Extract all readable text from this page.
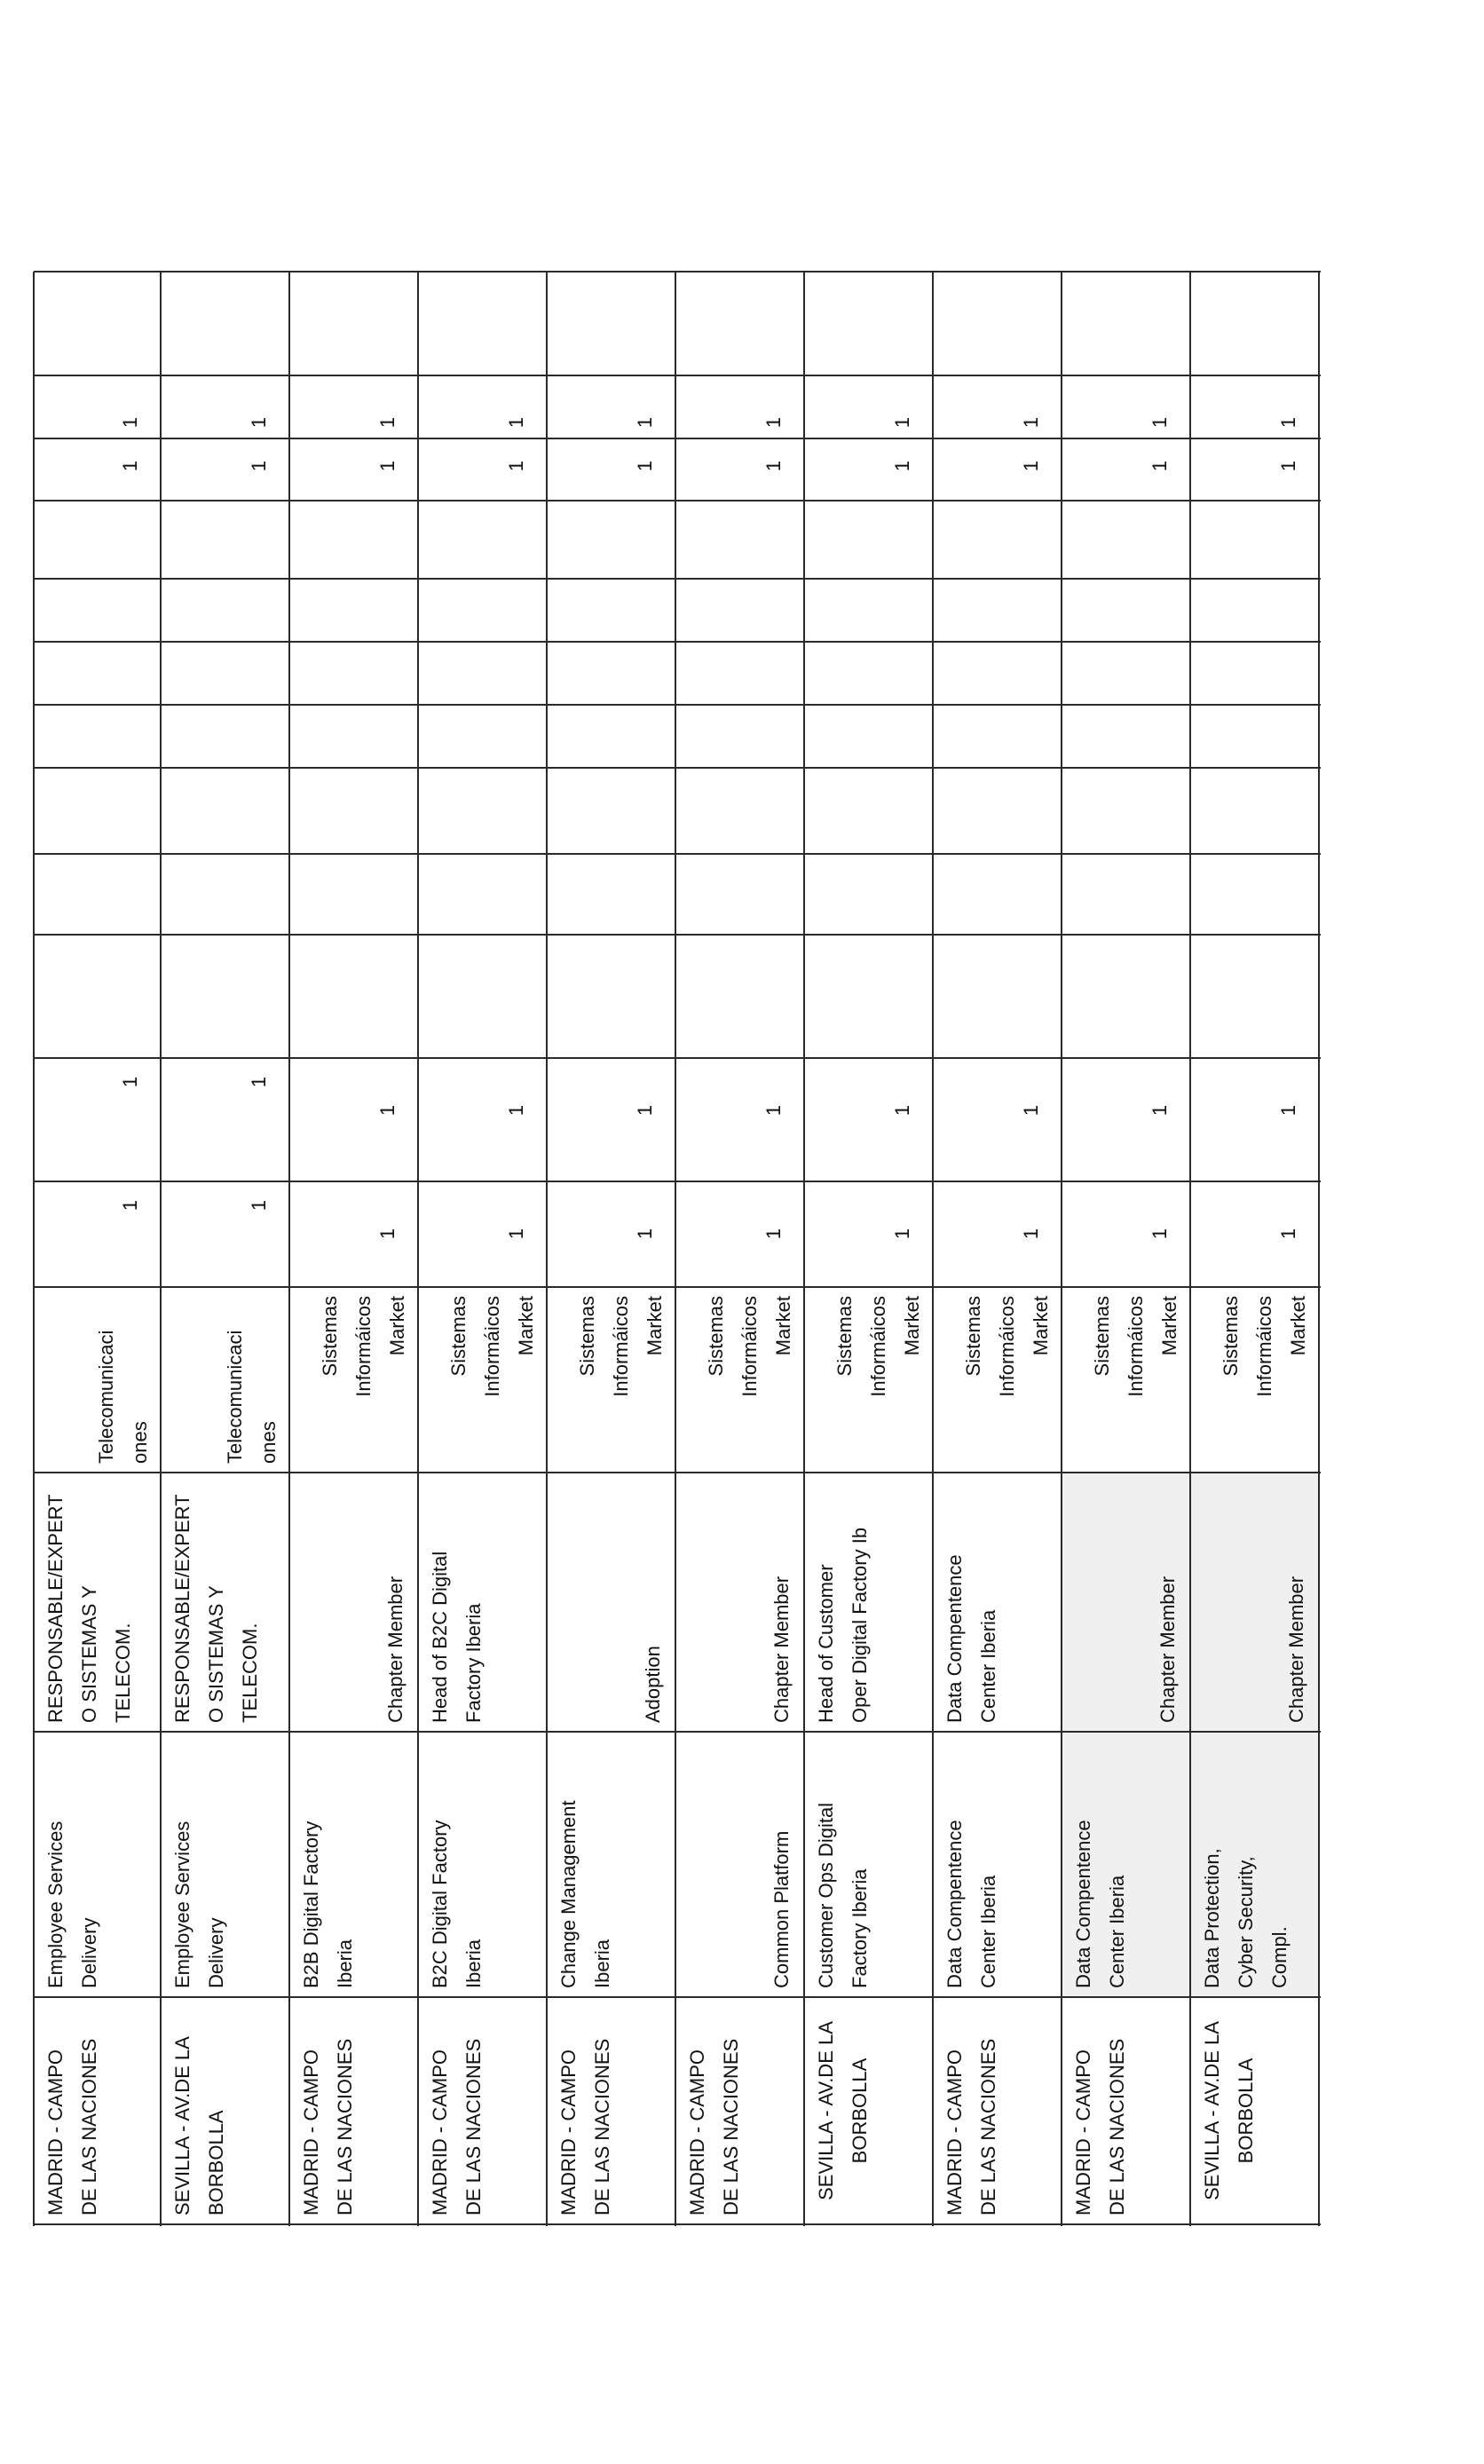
MADRID - CAMPO
DE LAS NACIONES
Employee Services
Delivery
RESPONSABLE/EXPERT
O SISTEMAS Y
TELECOM.
Telecomunicaci
ones
1
1
1
1
SEVILLA - AV.DE LA
BORBOLLA
Employee Services
Delivery
RESPONSABLE/EXPERT
O SISTEMAS Y
TELECOM.
Telecomunicaci
ones
1
1
1
1
MADRID - CAMPO
DE LAS NACIONES
B2B Digital Factory
Iberia
Chapter Member
Sistemas
Informáicos
Market
1
1
1
1
MADRID - CAMPO
DE LAS NACIONES
B2C Digital Factory
Iberia
Head of B2C Digital
Factory Iberia
Sistemas
Informáicos
Market
1
1
1
1
MADRID - CAMPO
DE LAS NACIONES
Change Management
Iberia
Adoption
Sistemas
Informáicos
Market
1
1
1
1
MADRID - CAMPO
DE LAS NACIONES
Common Platform
Chapter Member
Sistemas
Informáicos
Market
1
1
1
1
SEVILLA - AV.DE LA
BORBOLLA
Customer Ops Digital
Factory Iberia
Head of Customer
Oper Digital Factory Ib
Sistemas
Informáicos
Market
1
1
1
1
MADRID - CAMPO
DE LAS NACIONES
Data Compentence
Center Iberia
Data Compentence
Center Iberia
Sistemas
Informáicos
Market
1
1
1
1
MADRID - CAMPO
DE LAS NACIONES
Data Compentence
Center Iberia
Chapter Member
Sistemas
Informáicos
Market
1
1
1
1
SEVILLA - AV.DE LA
BORBOLLA
Data Protection,
Cyber Security,
Compl.
Chapter Member
Sistemas
Informáicos
Market
1
1
1
1
